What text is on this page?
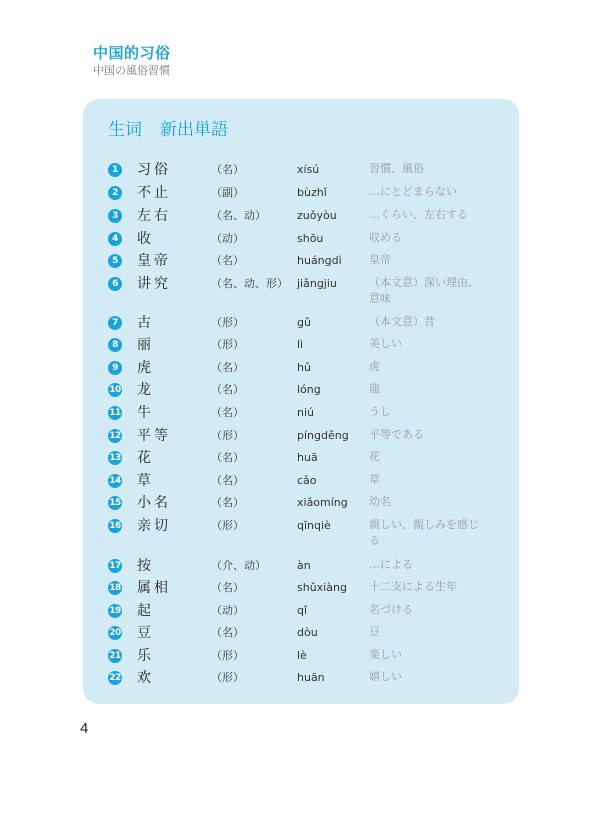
中国的习俗
中国の風俗習慣
生词 新出単語
1 习俗	（名）	xísú	習慣、風俗
2 不止	（副）	bùzhǐ	…にとどまらない
3 左右	（名、动）	zuǒyòu	…くらい、左右する
4 收	（动）	shōu	収める
5 皇帝	（名）	huángdì 皇帝
6 讲究	（名、动、形） jiǎngjiu	（本文意）深い理由、意味
7 古	（形）	gǔ	（本文意）昔
8 丽	（形）	lì	美しい
9 虎	（名）	hǔ	虎
10 龙	（名）	lóng	龍
11 牛	（名）	niú	うし
12 平等	（形）	píngděng 平等である
13 花	（名）	huā	花
14 草	（名）	cǎo	草
15 小名	（名）	xiǎomíng 幼名
16 亲切	（形）	qīnqiè	親しい、親しみを感じる
17 按	（介、动）	àn	…による
18 属相	（名）	shǔxiàng 十二支による生年
19 起	（动）	qǐ	名づける
20 豆	（名）	dòu	豆
21 乐	（形）	lè	楽しい
22 欢	（形）	huān	嬉しい
4
